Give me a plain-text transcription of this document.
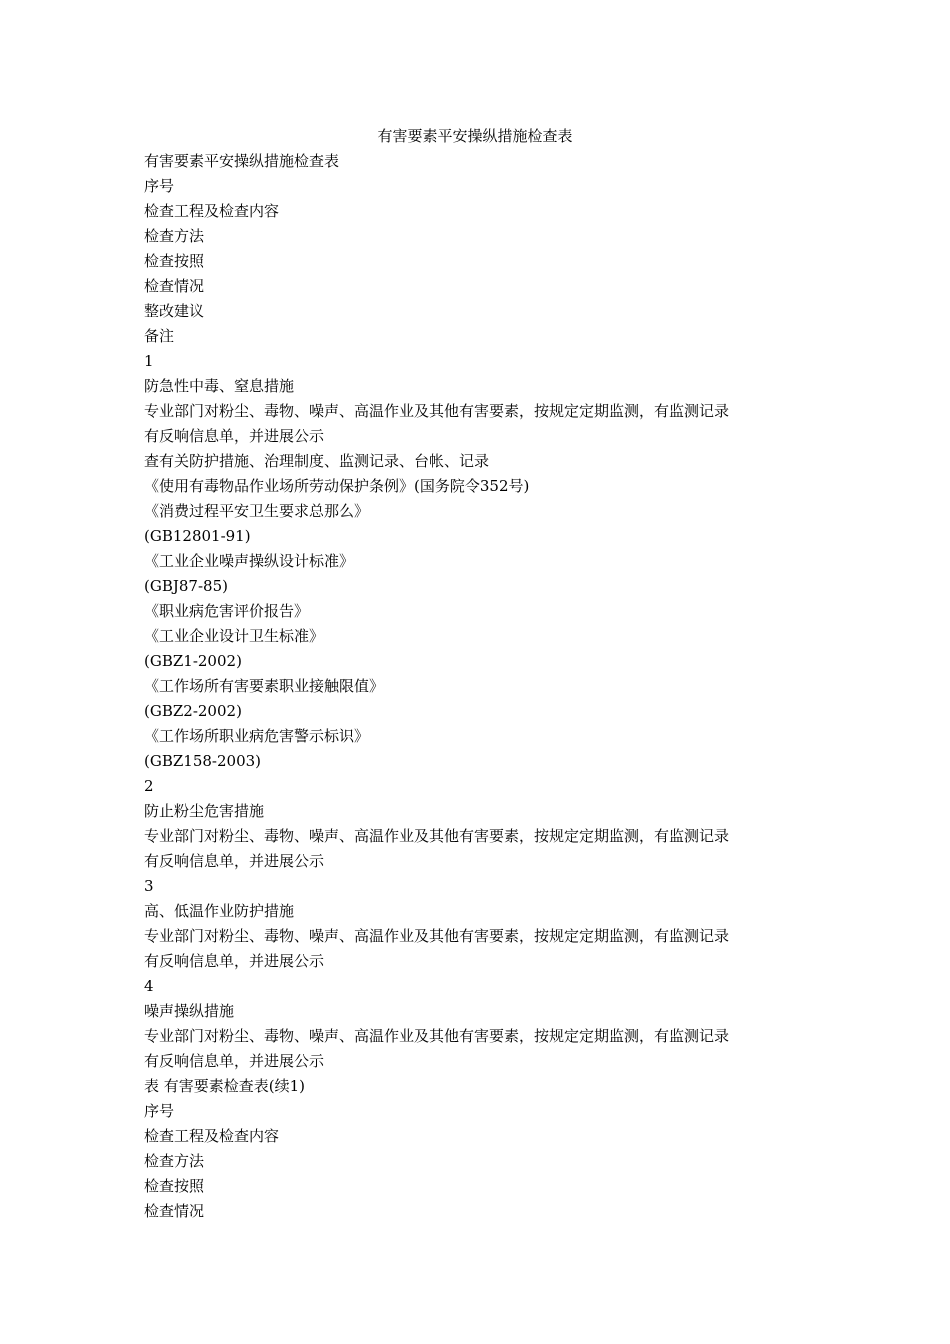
有害要素平安操纵措施检查表
有害要素平安操纵措施检查表
序号
检查工程及检查内容
检查方法
检查按照
检查情况
整改建议
备注
1
防急性中毒、窒息措施
专业部门对粉尘、毒物、噪声、高温作业及其他有害要素，按规定定期监测，有监测记录
有反响信息单，并进展公示
查有关防护措施、治理制度、监测记录、台帐、记录
《使用有毒物品作业场所劳动保护条例》(国务院令352号)
《消费过程平安卫生要求总那么》
(GB12801-91)
《工业企业噪声操纵设计标准》
(GBJ87-85)
《职业病危害评价报告》
《工业企业设计卫生标准》
(GBZ1-2002)
《工作场所有害要素职业接触限值》
(GBZ2-2002)
《工作场所职业病危害警示标识》
(GBZ158-2003)
2
防止粉尘危害措施
专业部门对粉尘、毒物、噪声、高温作业及其他有害要素，按规定定期监测，有监测记录
有反响信息单，并进展公示
3
高、低温作业防护措施
专业部门对粉尘、毒物、噪声、高温作业及其他有害要素，按规定定期监测，有监测记录
有反响信息单，并进展公示
4
噪声操纵措施
专业部门对粉尘、毒物、噪声、高温作业及其他有害要素，按规定定期监测，有监测记录
有反响信息单，并进展公示
表 有害要素检查表(续1)
序号
检查工程及检查内容
检查方法
检查按照
检查情况
